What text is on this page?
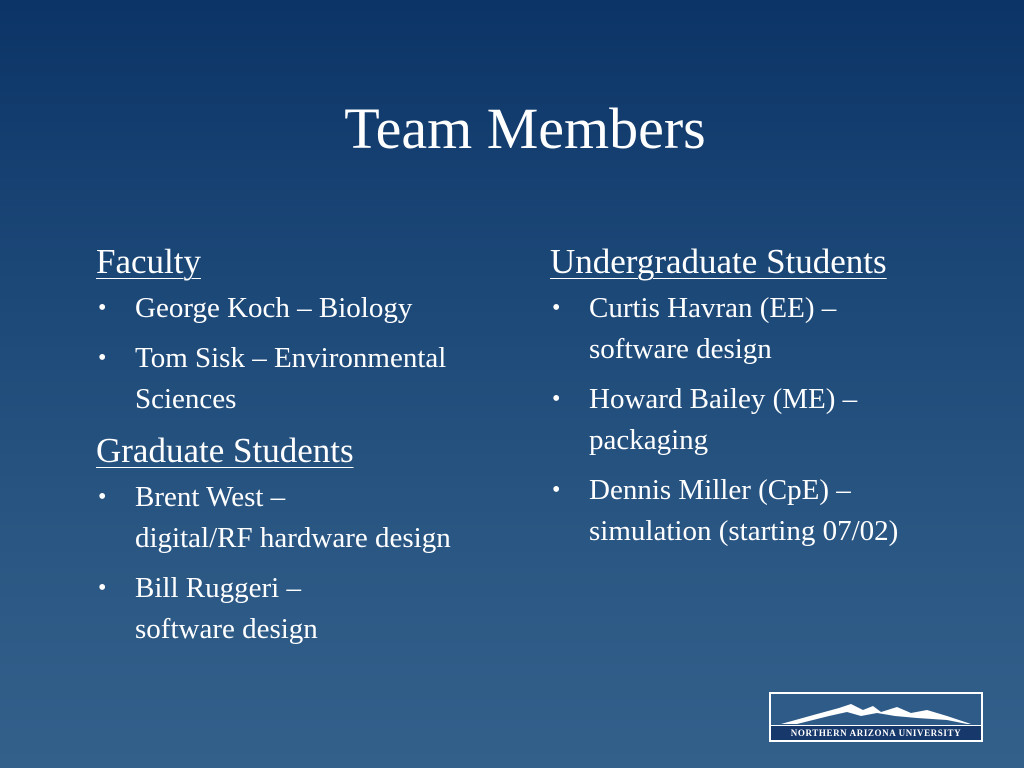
Team Members
Faculty
• George Koch – Biology
• Tom Sisk – Environmental
Sciences
Graduate Students
• Brent West –
digital/RF hardware design
• Bill Ruggeri –
software design
Undergraduate Students
• Curtis Havran (EE) –
software design
• Howard Bailey (ME) –
packaging
• Dennis Miller (CpE) –
simulation (starting 07/02)
NORTHERN ARIZONA UNIVERSITY
